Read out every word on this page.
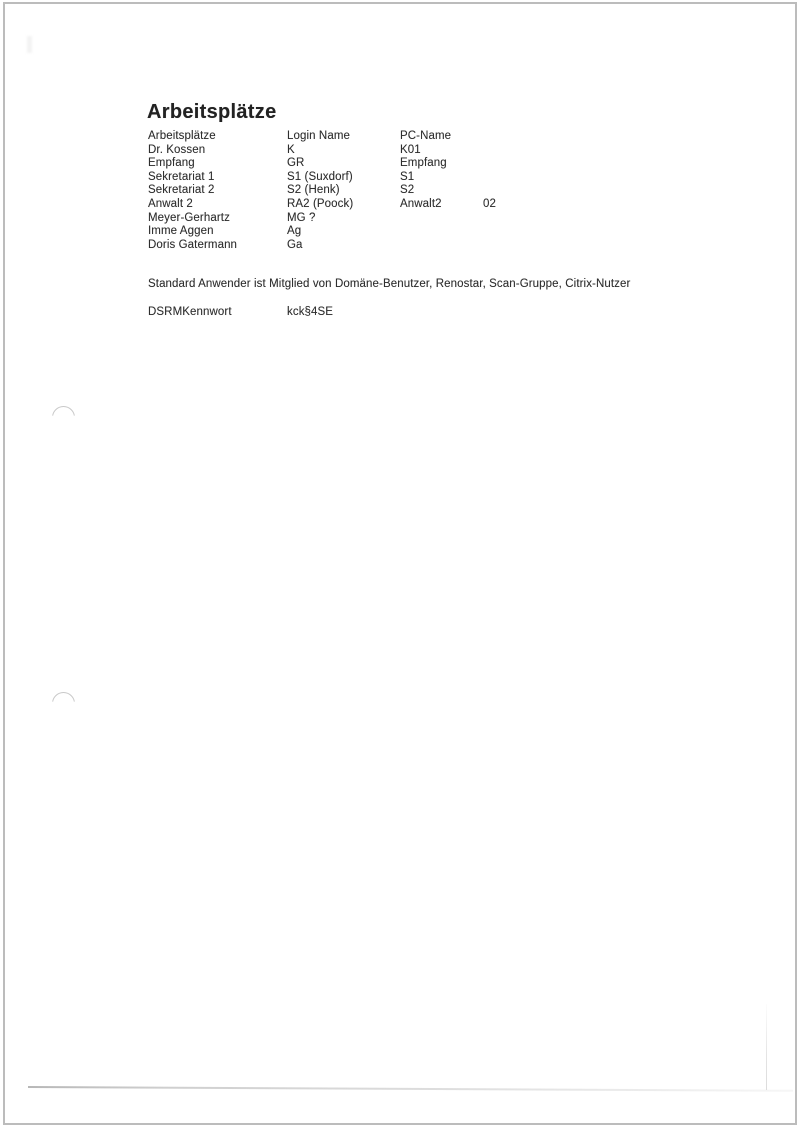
Arbeitsplätze
Arbeitsplätze	Login Name	PC-Name
Dr. Kossen	K	K01
Empfang	GR	Empfang
Sekretariat 1	S1 (Suxdorf)	S1
Sekretariat 2	S2 (Henk)	S2
Anwalt 2	RA2 (Poock)	Anwalt2	02
Meyer-Gerhartz	MG ?
Imme Aggen	Ag
Doris Gatermann	Ga
Standard Anwender ist Mitglied von Domäne-Benutzer, Renostar, Scan-Gruppe, Citrix-Nutzer
DSRMKennwort	kck§4SE
